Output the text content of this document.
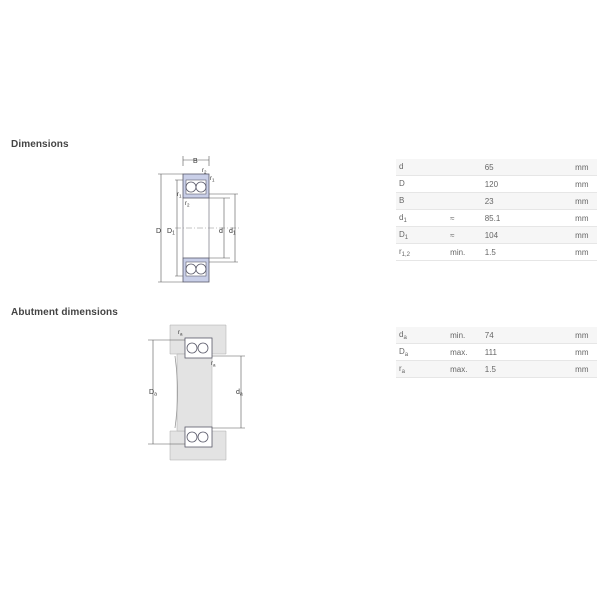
Dimensions
B
$r_2$
$r_1$
$r_1$
$r_2$
D $D_1$	d $d_1$
d		65	mm
D		120	mm
B		23	mm
$d_1$	≈	85.1	mm
$D_1$	≈	104	mm
$r_{1,2}$	min.	1.5	mm
Abutment dimensions
$r_a$
$r_a$
$D_a$	$d_a$
$d_a$	min.	74	mm
$D_a$	max.	111	mm
$r_a$	max.	1.5	mm
